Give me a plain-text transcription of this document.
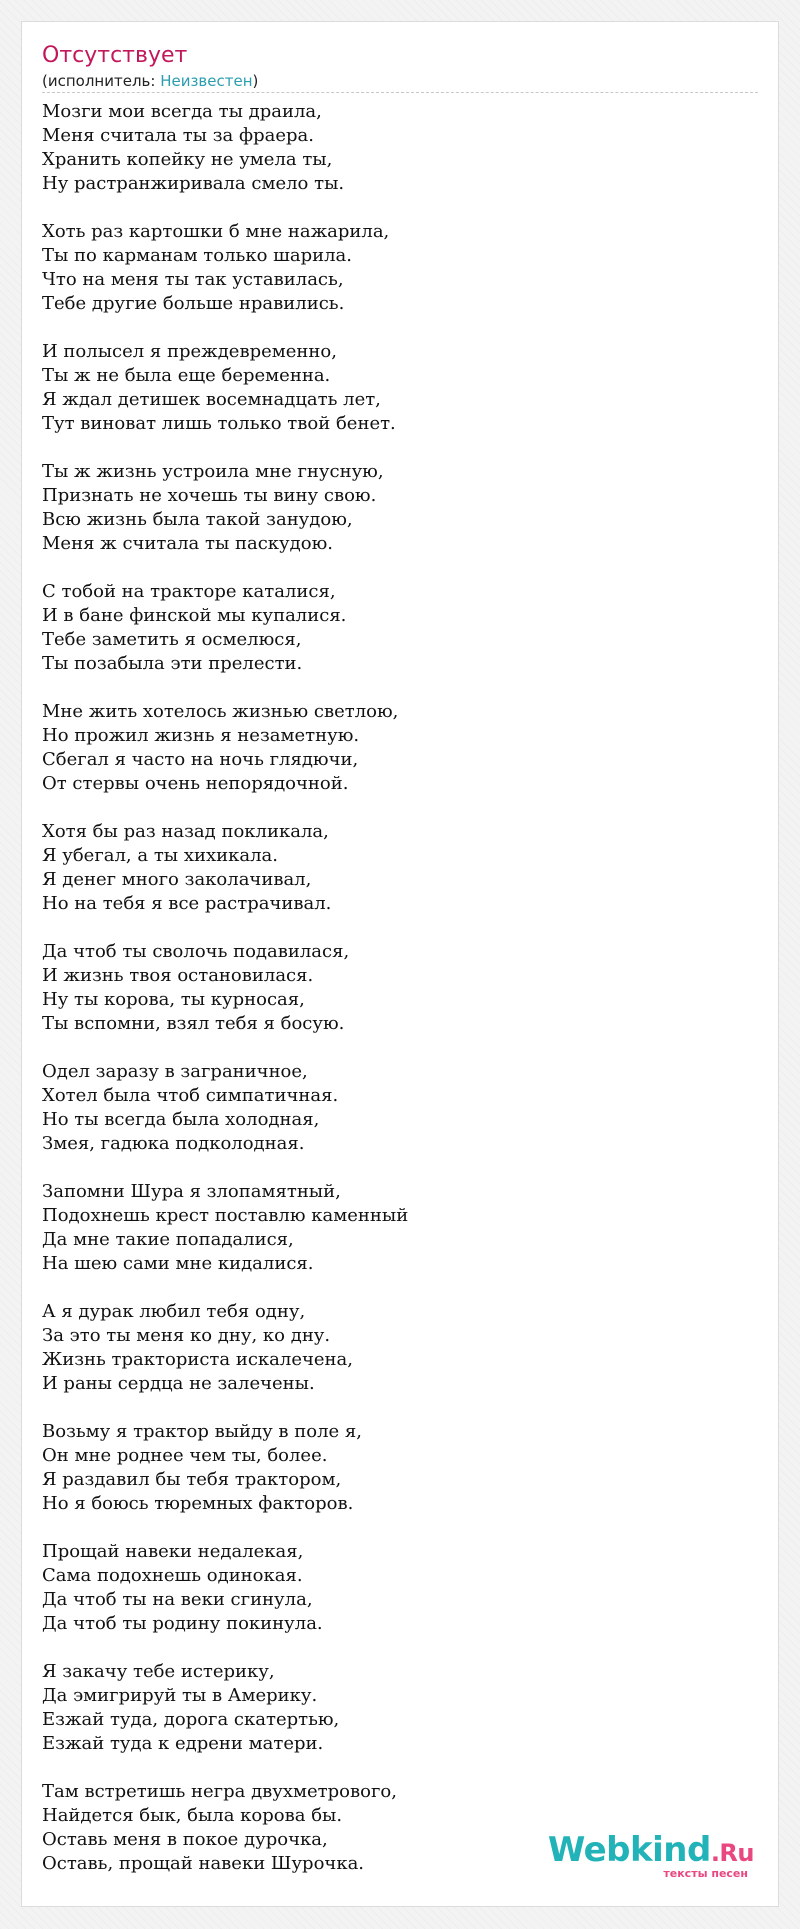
Отсутствует
(исполнитель: Неизвестен)
Мозги мои всегда ты драила,
Меня считала ты за фраера.
Хранить копейку не умела ты,
Ну растранжиривала смело ты.
Хоть раз картошки б мне нажарила,
Ты по карманам только шарила.
Что на меня ты так уставилась,
Тебе другие больше нравились.
И полысел я преждевременно,
Ты ж не была еще беременна.
Я ждал детишек восемнадцать лет,
Тут виноват лишь только твой бенет.
Ты ж жизнь устроила мне гнусную,
Признать не хочешь ты вину свою.
Всю жизнь была такой занудою,
Меня ж считала ты паскудою.
С тобой на тракторе каталися,
И в бане финской мы купалися.
Тебе заметить я осмелюся,
Ты позабыла эти прелести.
Мне жить хотелось жизнью светлою,
Но прожил жизнь я незаметную.
Сбегал я часто на ночь глядючи,
От стервы очень непорядочной.
Хотя бы раз назад покликала,
Я убегал, а ты хихикала.
Я денег много заколачивал,
Но на тебя я все растрачивал.
Да чтоб ты сволочь подавилася,
И жизнь твоя остановилася.
Ну ты корова, ты курносая,
Ты вспомни, взял тебя я босую.
Одел заразу в заграничное,
Хотел была чтоб симпатичная.
Но ты всегда была холодная,
Змея, гадюка подколодная.
Запомни Шура я злопамятный,
Подохнешь крест поставлю каменный
Да мне такие попадалися,
На шею сами мне кидалися.
А я дурак любил тебя одну,
За это ты меня ко дну, ко дну.
Жизнь тракториста искалечена,
И раны сердца не залечены.
Возьму я трактор выйду в поле я,
Он мне роднее чем ты, более.
Я раздавил бы тебя трактором,
Но я боюсь тюремных факторов.
Прощай навеки недалекая,
Сама подохнешь одинокая.
Да чтоб ты на веки сгинула,
Да чтоб ты родину покинула.
Я закачу тебе истерику,
Да эмигрируй ты в Америку.
Езжай туда, дорога скатертью,
Езжай туда к едрени матери.
Там встретишь негра двухметрового,
Найдется бык, была корова бы.
Оставь меня в покое дурочка,
Оставь, прощай навеки Шурочка.	Webkind.Ru
тексты песен
